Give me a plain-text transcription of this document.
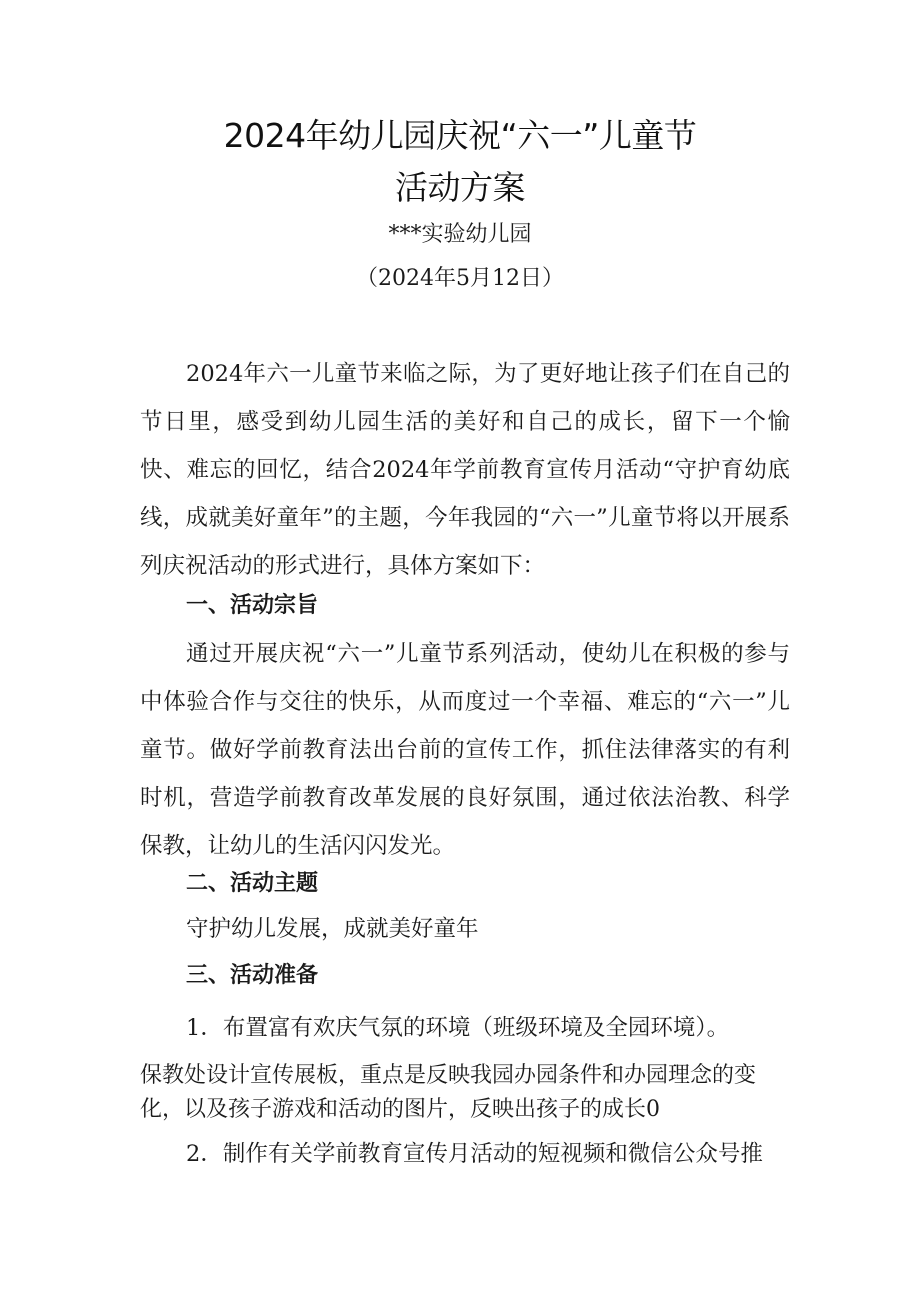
2024年幼儿园庆祝“六一”儿童节
活动方案
***实验幼儿园
（2024年5月12日）

2024年六一儿童节来临之际，为了更好地让孩子们在自己的节日里，感受到幼儿园生活的美好和自己的成长，留下一个愉快、难忘的回忆，结合2024年学前教育宣传月活动“守护育幼底线，成就美好童年”的主题，今年我园的“六一”儿童节将以开展系列庆祝活动的形式进行，具体方案如下：

一、活动宗旨

通过开展庆祝“六一”儿童节系列活动，使幼儿在积极的参与中体验合作与交往的快乐，从而度过一个幸福、难忘的“六一”儿童节。做好学前教育法出台前的宣传工作，抓住法律落实的有利时机，营造学前教育改革发展的良好氛围，通过依法治教、科学保教，让幼儿的生活闪闪发光。

二、活动主题
守护幼儿发展，成就美好童年
三、活动准备
1．布置富有欢庆气氛的环境（班级环境及全园环境）。

保教处设计宣传展板，重点是反映我园办园条件和办园理念的变化，以及孩子游戏和活动的图片，反映出孩子的成长0

2．制作有关学前教育宣传月活动的短视频和微信公众号推
